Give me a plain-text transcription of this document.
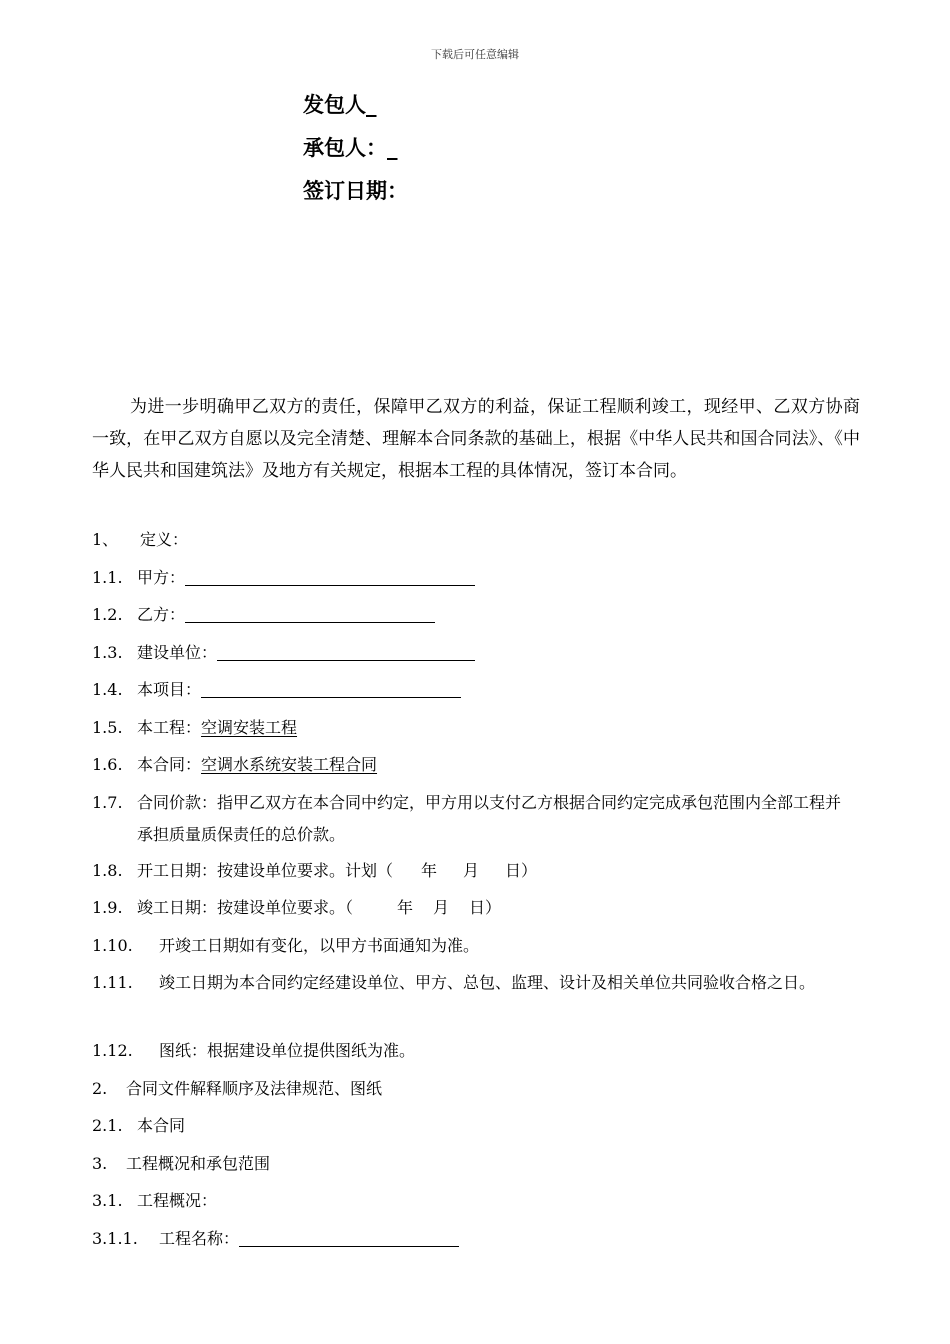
下载后可任意编辑
发包人_
承包人：_
签订日期：

为进一步明确甲乙双方的责任，保障甲乙双方的利益，保证工程顺利竣工，现经甲、乙双方协商一致，在甲乙双方自愿以及完全清楚、理解本合同条款的基础上，根据《中华人民共和国合同法》、《中华人民共和国建筑法》及地方有关规定，根据本工程的具体情况，签订本合同。

1、	定义：
1.1. 甲方：
1.2. 乙方：
1.3. 建设单位：
1.4. 本项目：
1.5. 本工程： 空调安装工程
1.6. 本合同： 空调水系统安装工程合同
1.7. 合同价款：指甲乙双方在本合同中约定，甲方用以支付乙方根据合同约定完成承包范围内全部工程并承担质量质保责任的总价款。
1.8. 开工日期：按建设单位要求。计划（ 年 月 日）
1.9. 竣工日期：按建设单位要求。（	年 月 日）
1.10.	开竣工日期如有变化，以甲方书面通知为准。
1.11.	竣工日期为本合同约定经建设单位、甲方、总包、监理、设计及相关单位共同验收合格之日。
1.12.	图纸：根据建设单位提供图纸为准。
2.	合同文件解释顺序及法律规范、图纸
2.1. 本合同
3.	工程概况和承包范围
3.1. 工程概况：
3.1.1.	工程名称：
